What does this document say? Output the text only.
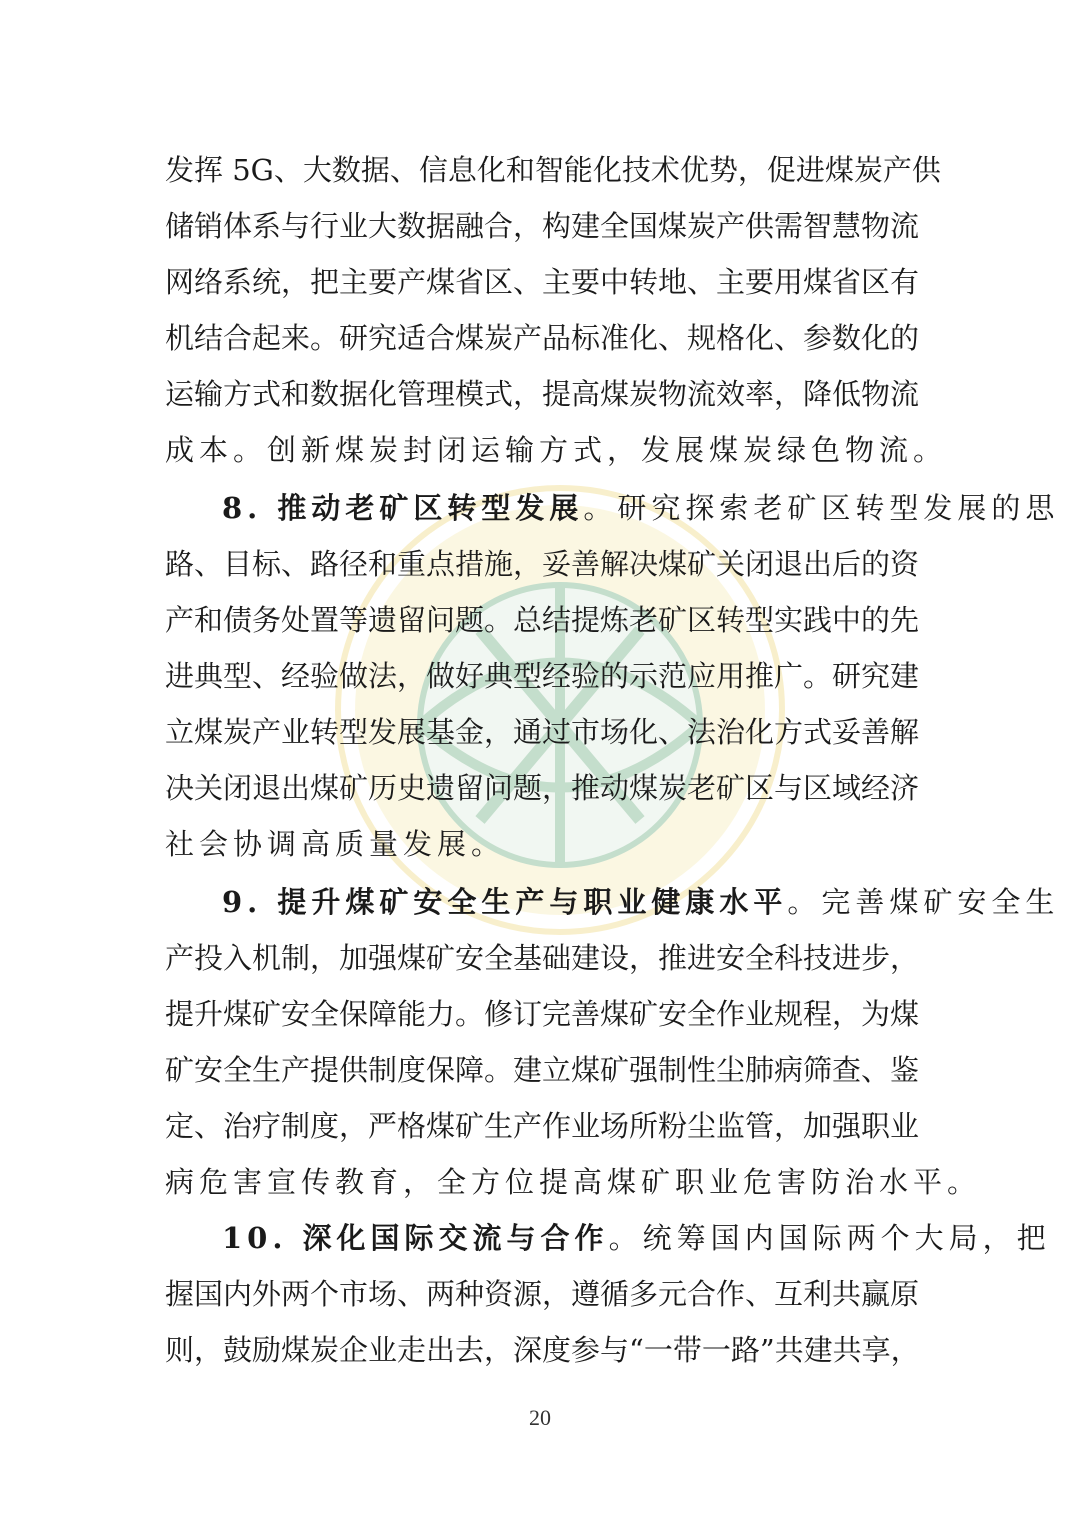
发挥 5G、大数据、信息化和智能化技术优势，促进煤炭产供
储销体系与行业大数据融合，构建全国煤炭产供需智慧物流
网络系统，把主要产煤省区、主要中转地、主要用煤省区有
机结合起来。研究适合煤炭产品标准化、规格化、参数化的
运输方式和数据化管理模式，提高煤炭物流效率，降低物流
成本。创新煤炭封闭运输方式，发展煤炭绿色物流。
8. 推动老矿区转型发展。研究探索老矿区转型发展的思
路、目标、路径和重点措施，妥善解决煤矿关闭退出后的资
产和债务处置等遗留问题。总结提炼老矿区转型实践中的先
进典型、经验做法，做好典型经验的示范应用推广。研究建
立煤炭产业转型发展基金，通过市场化、法治化方式妥善解
决关闭退出煤矿历史遗留问题，推动煤炭老矿区与区域经济
社会协调高质量发展。
9. 提升煤矿安全生产与职业健康水平。完善煤矿安全生
产投入机制，加强煤矿安全基础建设，推进安全科技进步，
提升煤矿安全保障能力。修订完善煤矿安全作业规程，为煤
矿安全生产提供制度保障。建立煤矿强制性尘肺病筛查、鉴
定、治疗制度，严格煤矿生产作业场所粉尘监管，加强职业
病危害宣传教育，全方位提高煤矿职业危害防治水平。
10. 深化国际交流与合作。统筹国内国际两个大局，把
握国内外两个市场、两种资源，遵循多元合作、互利共赢原
则，鼓励煤炭企业走出去，深度参与“一带一路”共建共享，
20
